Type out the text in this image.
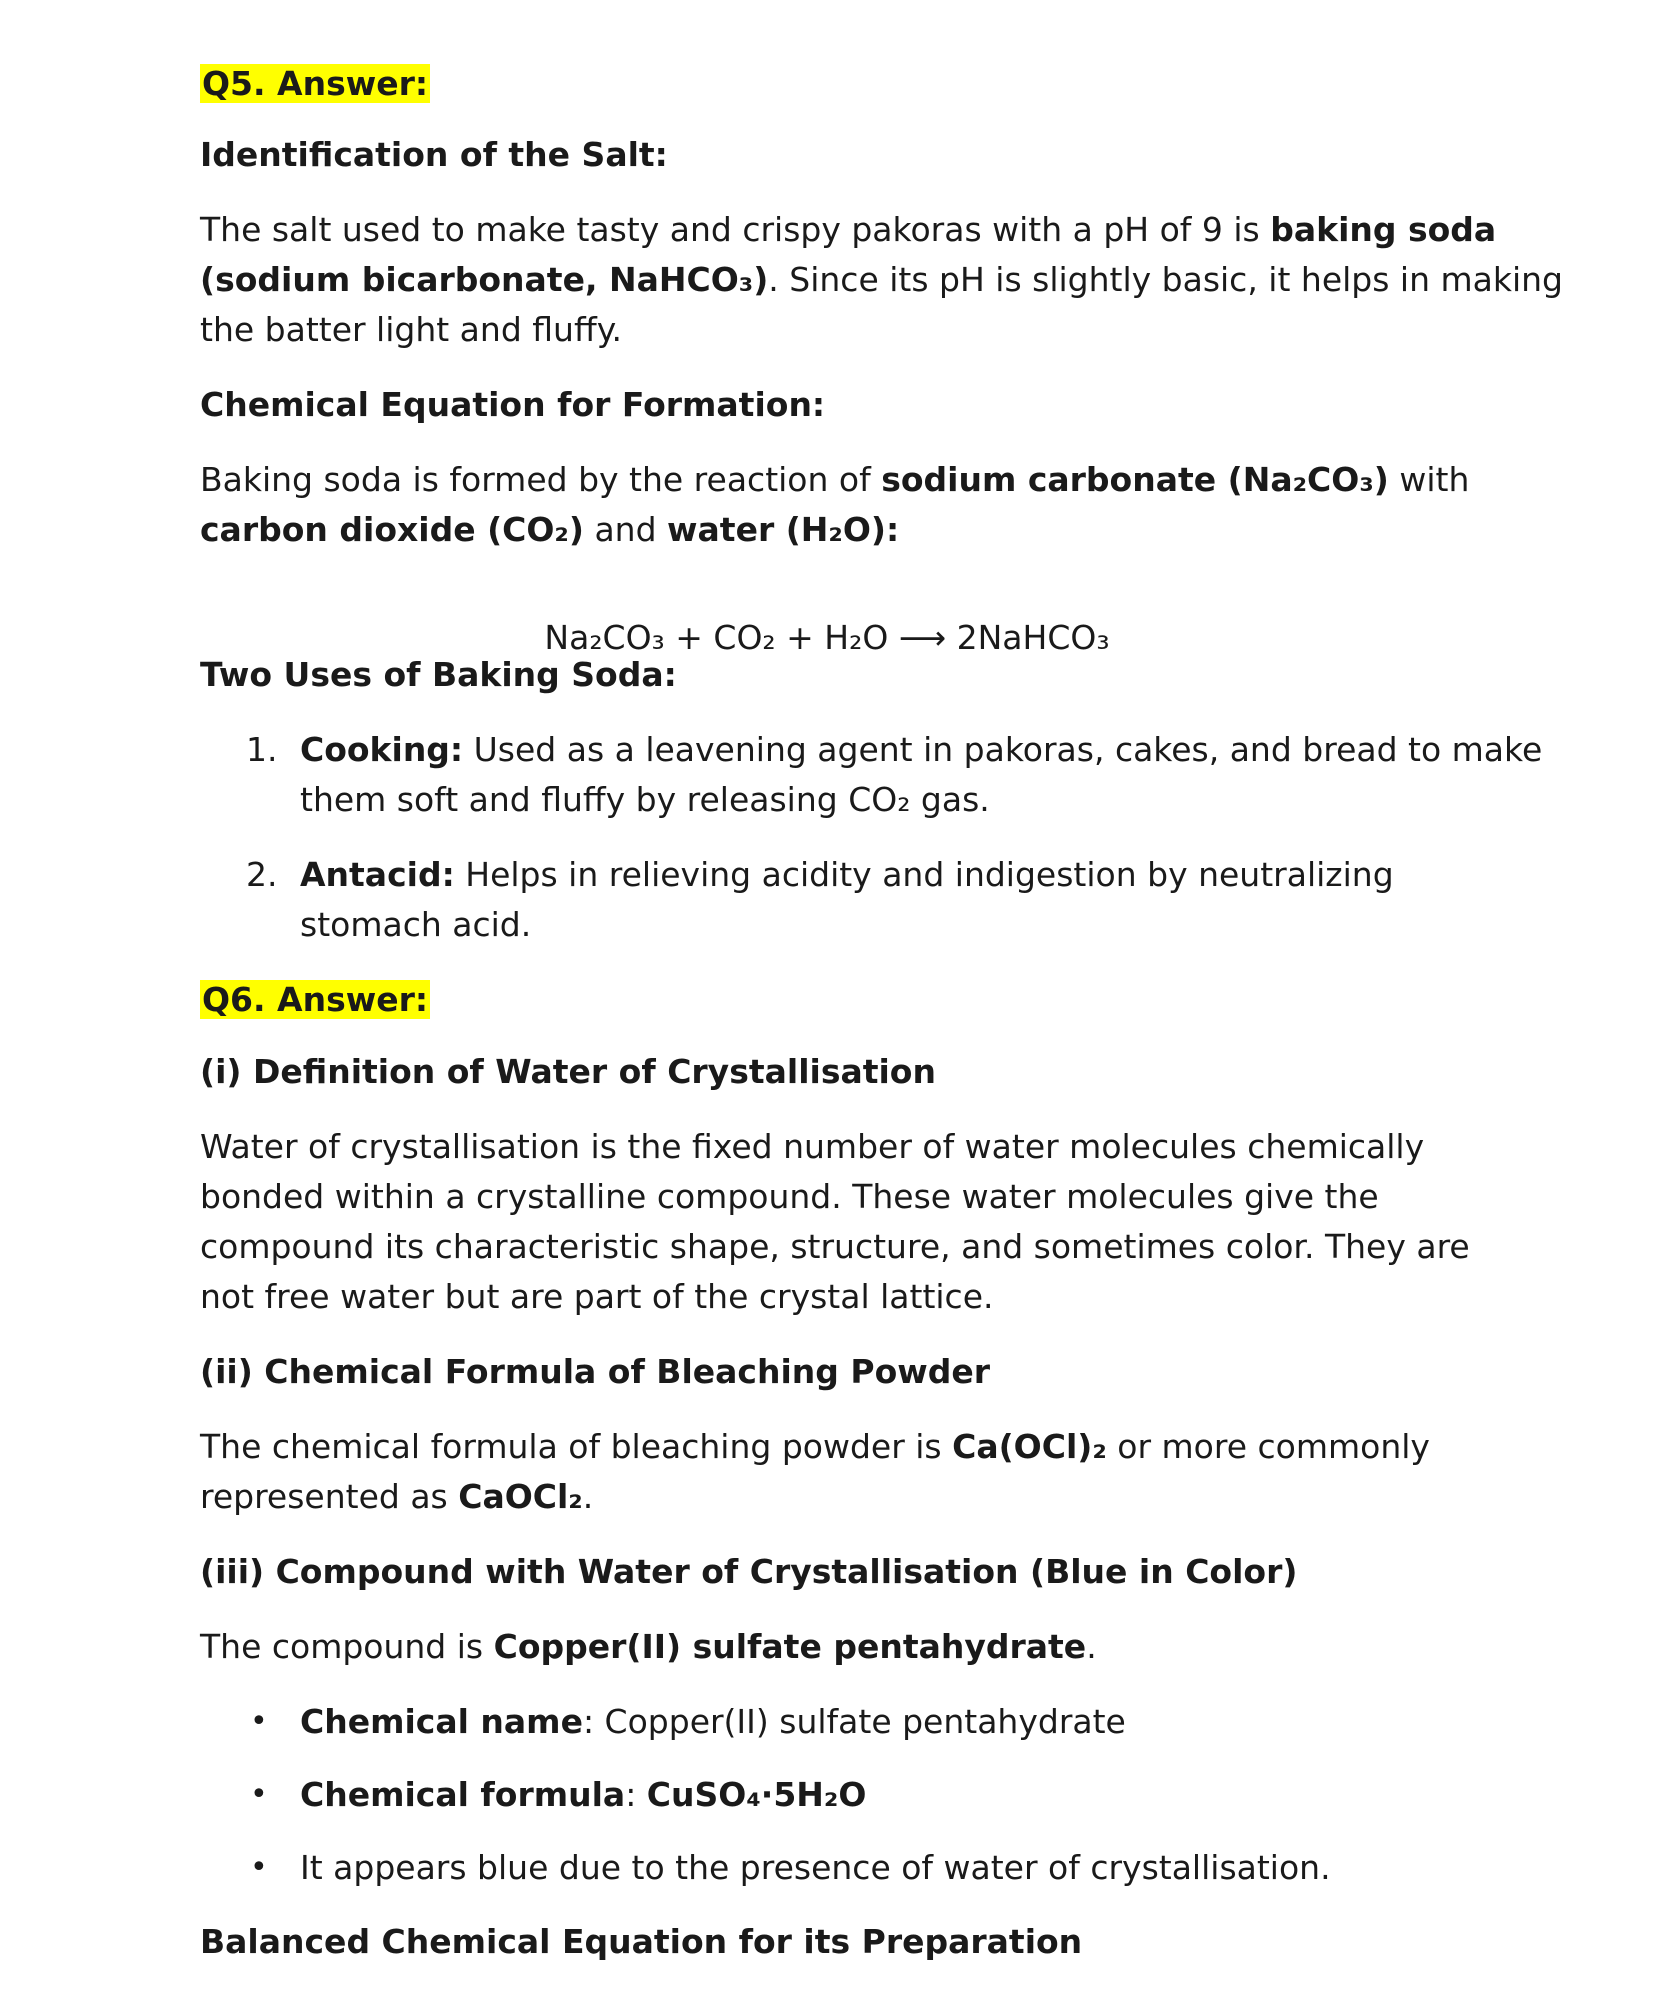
Q5. Answer:

Identification of the Salt:

The salt used to make tasty and crispy pakoras with a pH of 9 is baking soda

(sodium bicarbonate, NaHCO₃). Since its pH is slightly basic, it helps in making

the batter light and fluffy.

Chemical Equation for Formation:

Baking soda is formed by the reaction of sodium carbonate (Na₂CO₃) with

carbon dioxide (CO₂) and water (H₂O):

Na₂CO₃ + CO₂ + H₂O ⟶ 2NaHCO₃

Two Uses of Baking Soda:

1. Cooking: Used as a leavening agent in pakoras, cakes, and bread to make

them soft and fluffy by releasing CO₂ gas.

2. Antacid: Helps in relieving acidity and indigestion by neutralizing

stomach acid.

Q6. Answer:

(i) Definition of Water of Crystallisation

Water of crystallisation is the fixed number of water molecules chemically

bonded within a crystalline compound. These water molecules give the

compound its characteristic shape, structure, and sometimes color. They are

not free water but are part of the crystal lattice.

(ii) Chemical Formula of Bleaching Powder

The chemical formula of bleaching powder is Ca(OCl)₂ or more commonly

represented as CaOCl₂.

(iii) Compound with Water of Crystallisation (Blue in Color)

The compound is Copper(II) sulfate pentahydrate.

• Chemical name: Copper(II) sulfate pentahydrate

• Chemical formula: CuSO₄·5H₂O

• It appears blue due to the presence of water of crystallisation.

Balanced Chemical Equation for its Preparation
